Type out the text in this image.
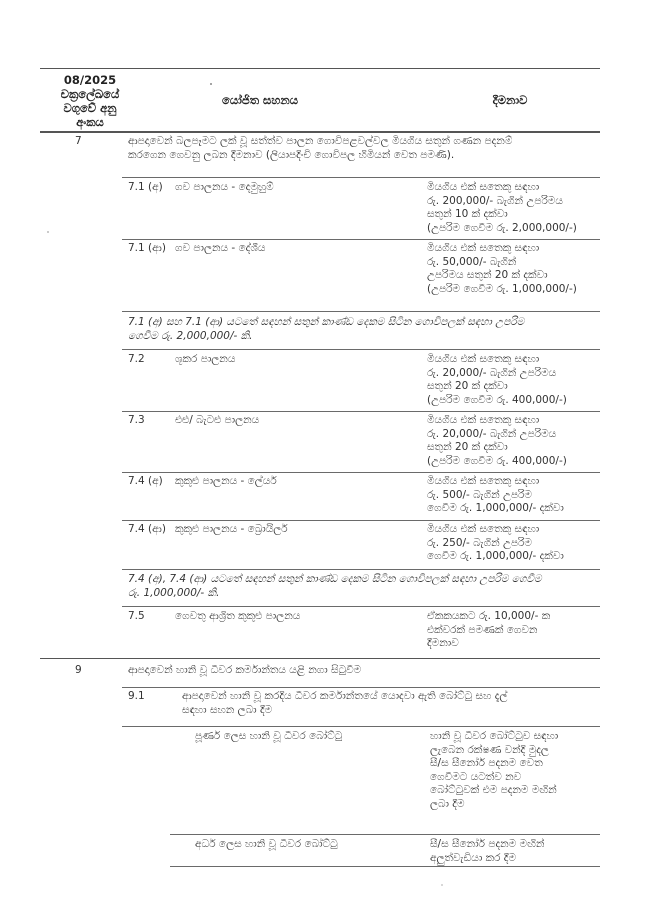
08/2025
චක්‍රලේඛයේ
වගුවේ අනු
අංකය
යෝජිත සහනය	දීමනාව
7	ආපදාවෙන් බලපෑමට ලක් වූ සත්ත්ව පාලන ගොවිපළවල්වල මියගිය සතුන් ගණන පදනම්
කරගෙන ගෙවනු ලබන දීමනාව (ලියාපදිංචි ගොවිපල හිමියන් වෙත පමණි).
7.1 (අ) ගව පාලනය - දෙමුහුම්	මියගිය එක් සතෙකු සඳහා
රු. 200,000/- බැගින් උපරිමය
සතුන් 10 ක් දක්වා
(උපරිම ගෙවීම රු. 2,000,000/-)
7.1 (ආ) ගව පාලනය - දේශීය	මියගිය එක් සතෙකු සඳහා
රු. 50,000/- බැගින්
උපරිමය සතුන් 20 ක් දක්වා
(උපරිම ගෙවීම රු. 1,000,000/-)
7.1 (අ) සහ 7.1 (ආ) යටතේ සඳහන් සතුන් කාණ්ඩ දෙකම සිටින ගොවිපලක් සඳහා උපරිම
ගෙවීම රු. 2,000,000/- කි.
7.2	ශූකර පාලනය	මියගිය එක් සතෙකු සඳහා
රු. 20,000/- බැගින් උපරිමය
සතුන් 20 ක් දක්වා
(උපරිම ගෙවීම රු. 400,000/-)
7.3	එළු/ බැටළු පාලනය	මියගිය එක් සතෙකු සඳහා
රු. 20,000/- බැගින් උපරිමය
සතුන් 20 ක් දක්වා
(උපරිම ගෙවීම රු. 400,000/-)
7.4 (අ) කුකුළු පාලනය - ලේයර්	මියගිය එක් සතෙකු සඳහා
රු. 500/- බැගින් උපරිම
ගෙවීම රු. 1,000,000/- දක්වා
7.4 (ආ) කුකුළු පාලනය - බ්‍රොයිලර්	මියගිය එක් සතෙකු සඳහා
රු. 250/- බැගින් උපරිම
ගෙවීම රු. 1,000,000/- දක්වා
7.4 (අ), 7.4 (ආ) යටතේ සඳහන් සතුන් කාණ්ඩ දෙකම සිටින ගොවිපලක් සඳහා උපරිම ගෙවීම
රු. 1,000,000/- කි.
7.5	ගෙවතු ආශ්‍රිත කුකුළු පාලනය	ඒකකයකට රු. 10,000/- ක
එක්වරක් පමණක් ගෙවන
දීමනාව
9	ආපදාවෙන් හානි වූ ධීවර කර්මාන්තය යළි නගා සිටුවීම
9.1	ආපදාවෙන් හානි වූ කරදිය ධීවර කර්මාන්තයේ යොදවා ඇති බෝට්ටු සහ දැල්
සඳහා සහන ලබා දීම
පූර්ණ ලෙස හානි වූ ධීවර බෝට්ටු	හානි වූ ධීවර බෝට්ටුව සඳහා
ලැබෙන රක්ෂණ වන්දි මුදල
සී/ස සීනෝර් පදනම වෙත
ගෙවීමට යටත්ව නව
බෝට්ටුවක් එම පදනම මඟින්
ලබා දීම
අර්ධ ලෙස හානි වූ ධීවර බෝට්ටු	සී/ස සීනෝර් පදනම මඟින්
අලුත්වැඩියා කර දීම
